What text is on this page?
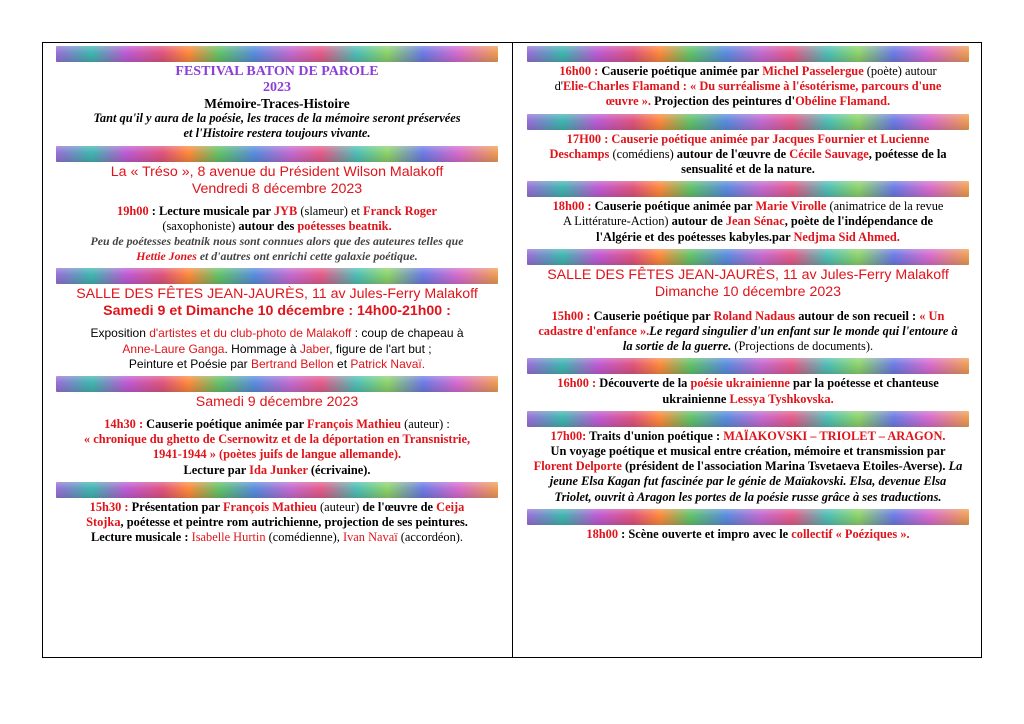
FESTIVAL BATON DE PAROLE

2023

Mémoire-Traces-Histoire

Tant qu'il y aura de la poésie, les traces de la mémoire seront préservées

et l'Histoire restera toujours vivante.

La « Tréso », 8 avenue du Président Wilson Malakoff

Vendredi 8 décembre 2023

19h00 : Lecture musicale par JYB (slameur) et Franck Roger

(saxophoniste) autour des poétesses beatnik.

Peu de poétesses beatnik nous sont connues alors que des auteures telles que

Hettie Jones et d'autres ont enrichi cette galaxie poétique.

SALLE DES FÊTES JEAN-JAURÈS, 11 av Jules-Ferry Malakoff

Samedi 9 et Dimanche 10 décembre : 14h00-21h00 :

Exposition d'artistes et du club-photo de Malakoff : coup de chapeau à

Anne-Laure Ganga. Hommage à Jaber, figure de l'art but ;

Peinture et Poésie par Bertrand Bellon et Patrick Navaï.

Samedi 9 décembre 2023

14h30 : Causerie poétique animée par François Mathieu (auteur) :

« chronique du ghetto de Csernowitz et de la déportation en Transnistrie,

1941-1944 » (poètes juifs de langue allemande).

Lecture par Ida Junker (écrivaine).

15h30 : Présentation par François Mathieu (auteur) de l'œuvre de Ceija

Stojka, poétesse et peintre rom autrichienne, projection de ses peintures.

Lecture musicale : Isabelle Hurtin (comédienne), Ivan Navaï (accordéon).

16h00 : Causerie poétique animée par Michel Passelergue (poète) autour

d'Elie-Charles Flamand : « Du surréalisme à l'ésotérisme, parcours d'une

œuvre ». Projection des peintures d'Obéline Flamand.

17H00 : Causerie poétique animée par Jacques Fournier et Lucienne

Deschamps (comédiens) autour de l'œuvre de Cécile Sauvage, poétesse de la

sensualité et de la nature.

18h00 : Causerie poétique animée par Marie Virolle (animatrice de la revue

A Littérature-Action) autour de Jean Sénac, poète de l'indépendance de

l'Algérie et des poétesses kabyles.par Nedjma Sid Ahmed.

SALLE DES FÊTES JEAN-JAURÈS, 11 av Jules-Ferry Malakoff

Dimanche 10 décembre 2023

15h00 : Causerie poétique par Roland Nadaus autour de son recueil : « Un

cadastre d'enfance ».Le regard singulier d'un enfant sur le monde qui l'entoure à

la sortie de la guerre. (Projections de documents).

16h00 : Découverte de la poésie ukrainienne par la poétesse et chanteuse

ukrainienne Lessya Tyshkovska.

17h00: Traits d'union poétique : MAÏAKOVSKI – TRIOLET – ARAGON.

Un voyage poétique et musical entre création, mémoire et transmission par

Florent Delporte (président de l'association Marina Tsvetaeva Etoiles-Averse). La

jeune Elsa Kagan fut fascinée par le génie de Maïakovski. Elsa, devenue Elsa

Triolet, ouvrit à Aragon les portes de la poésie russe grâce à ses traductions.

18h00 : Scène ouverte et impro avec le collectif « Poéziques ».
